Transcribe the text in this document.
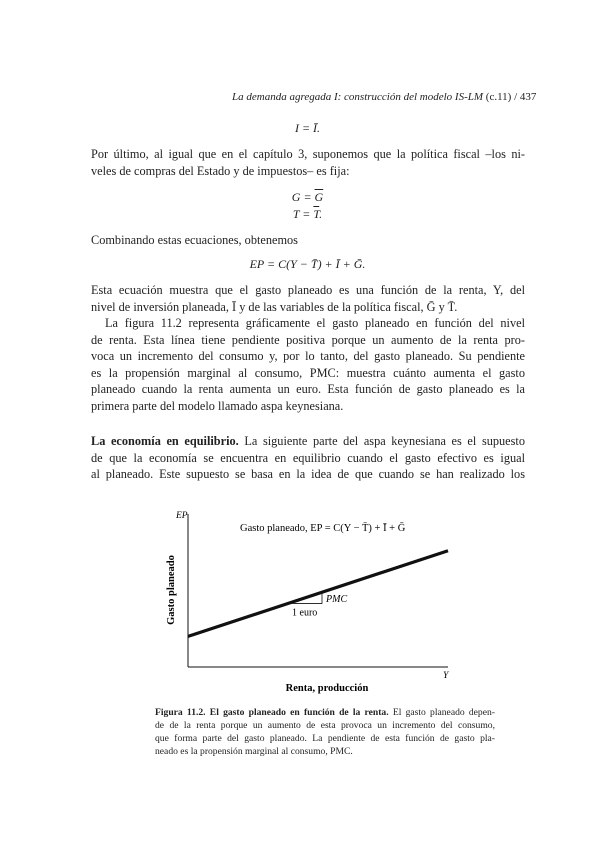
La demanda agregada I: construcción del modelo IS-LM (c.11) / 437
I = Ī.
Por último, al igual que en el capítulo 3, suponemos que la política fiscal –los ni-
veles de compras del Estado y de impuestos– es fija:
$G = \overline{G}$
$T = \overline{T}$.
Combinando estas ecuaciones, obtenemos
EP = C(Y − T̄) + Ī + Ḡ.
Esta ecuación muestra que el gasto planeado es una función de la renta, Y, del
nivel de inversión planeada, Ī y de las variables de la política fiscal, Ḡ y T̄.
La figura 11.2 representa gráficamente el gasto planeado en función del nivel
de renta. Esta línea tiene pendiente positiva porque un aumento de la renta pro-
voca un incremento del consumo y, por lo tanto, del gasto planeado. Su pendiente
es la propensión marginal al consumo, PMC: muestra cuánto aumenta el gasto
planeado cuando la renta aumenta un euro. Esta función de gasto planeado es la
primera parte del modelo llamado aspa keynesiana.
La economía en equilibrio. La siguiente parte del aspa keynesiana es el supuesto
de que la economía se encuentra en equilibrio cuando el gasto efectivo es igual
al planeado. Este supuesto se basa en la idea de que cuando se han realizado los
EP
Y
Gasto planeado
Renta, producción
Gasto planeado, EP = C(Y − T̄) + Ī + Ḡ
1 euro
PMC
Figura 11.2. El gasto planeado en función de la renta. El gasto planeado depen-
de de la renta porque un aumento de esta provoca un incremento del consumo,
que forma parte del gasto planeado. La pendiente de esta función de gasto pla-
neado es la propensión marginal al consumo, PMC.
